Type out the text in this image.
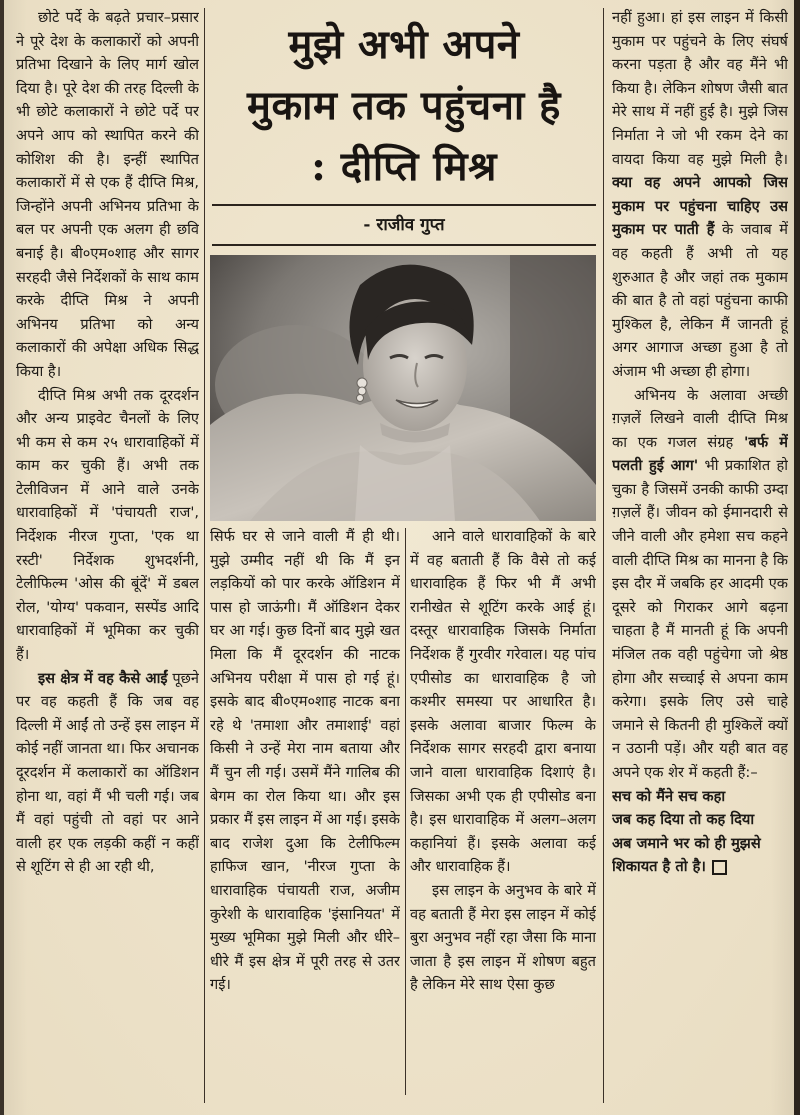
छोटे पर्दे के बढ़ते प्रचार–प्रसार ने पूरे देश के कलाकारों को अपनी प्रतिभा दिखाने के लिए मार्ग खोल दिया है। पूरे देश की तरह दिल्ली के भी छोटे कलाकारों ने छोटे पर्दे पर अपने आप को स्थापित करने की कोशिश की है। इन्हीं स्थापित कलाकारों में से एक हैं दीप्ति मिश्र, जिन्होंने अपनी अभिनय प्रतिभा के बल पर अपनी एक अलग ही छवि बनाई है। बी०एम०शाह और सागर सरहदी जैसे निर्देशकों के साथ काम करके दीप्ति मिश्र ने अपनी अभिनय प्रतिभा को अन्य कलाकारों की अपेक्षा अधिक सिद्ध किया है।

दीप्ति मिश्र अभी तक दूरदर्शन और अन्य प्राइवेट चैनलों के लिए भी कम से कम २५ धारावाहिकों में काम कर चुकी हैं। अभी तक टेलीविजन में आने वाले उनके धारावाहिकों में 'पंचायती राज', निर्देशक नीरज गुप्ता, 'एक था रस्टी' निर्देशक शुभदर्शनी, टेलीफिल्म 'ओस की बूंदें' में डबल रोल, 'योग्य' पकवान, सस्पेंड आदि धारावाहिकों में भूमिका कर चुकी हैं।

इस क्षेत्र में वह कैसे आईं पूछने पर वह कहती हैं कि जब वह दिल्ली में आईं तो उन्हें इस लाइन में कोई नहीं जानता था। फिर अचानक दूरदर्शन में कलाकारों का ऑडिशन होना था, वहां मैं भी चली गई। जब मैं वहां पहुंची तो वहां पर आने वाली हर एक लड़की कहीं न कहीं से शूटिंग से ही आ रही थी,

मुझे अभी अपने
मुकाम तक पहुंचना है
: दीप्ति मिश्र
- राजीव गुप्त

सिर्फ घर से जाने वाली मैं ही थी। मुझे उम्मीद नहीं थी कि मैं इन लड़कियों को पार करके ऑडिशन में पास हो जाऊंगी। मैं ऑडिशन देकर घर आ गई। कुछ दिनों बाद मुझे खत मिला कि मैं दूरदर्शन की नाटक अभिनय परीक्षा में पास हो गई हूं। इसके बाद बी०एम०शाह नाटक बना रहे थे 'तमाशा और तमाशाई' वहां किसी ने उन्हें मेरा नाम बताया और मैं चुन ली गई। उसमें मैंने गालिब की बेगम का रोल किया था। और इस प्रकार मैं इस लाइन में आ गई। इसके बाद राजेश दुआ कि टेलीफिल्म हाफिज खान, 'नीरज गुप्ता के धारावाहिक पंचायती राज, अजीम कुरेशी के धारावाहिक 'इंसानियत' में मुख्य भूमिका मुझे मिली और धीरे–धीरे मैं इस क्षेत्र में पूरी तरह से उतर गई।

आने वाले धारावाहिकों के बारे में वह बताती हैं कि वैसे तो कई धारावाहिक हैं फिर भी मैं अभी रानीखेत से शूटिंग करके आई हूं। दस्तूर धारावाहिक जिसके निर्माता निर्देशक हैं गुरवीर गरेवाल। यह पांच एपीसोड का धारावाहिक है जो कश्मीर समस्या पर आधारित है। इसके अलावा बाजार फिल्म के निर्देशक सागर सरहदी द्वारा बनाया जाने वाला धारावाहिक दिशाएं है। जिसका अभी एक ही एपीसोड बना है। इस धारावाहिक में अलग–अलग कहानियां हैं। इसके अलावा कई और धारावाहिक हैं।

इस लाइन के अनुभव के बारे में वह बताती हैं मेरा इस लाइन में कोई बुरा अनुभव नहीं रहा जैसा कि माना जाता है इस लाइन में शोषण बहुत है लेकिन मेरे साथ ऐसा कुछ

नहीं हुआ। हां इस लाइन में किसी मुकाम पर पहुंचने के लिए संघर्ष करना पड़ता है और वह मैंने भी किया है। लेकिन शोषण जैसी बात मेरे साथ में नहीं हुई है। मुझे जिस निर्माता ने जो भी रकम देने का वायदा किया वह मुझे मिली है। क्या वह अपने आपको जिस मुकाम पर पहुंचना चाहिए उस मुकाम पर पाती हैं के जवाब में वह कहती हैं अभी तो यह शुरुआत है और जहां तक मुकाम की बात है तो वहां पहुंचना काफी मुश्किल है, लेकिन मैं जानती हूं अगर आगाज अच्छा हुआ है तो अंजाम भी अच्छा ही होगा।

अभिनय के अलावा अच्छी ग़ज़लें लिखने वाली दीप्ति मिश्र का एक गजल संग्रह 'बर्फ में पलती हुई आग' भी प्रकाशित हो चुका है जिसमें उनकी काफी उम्दा ग़ज़लें हैं। जीवन को ईमानदारी से जीने वाली और हमेशा सच कहने वाली दीप्ति मिश्र का मानना है कि इस दौर में जबकि हर आदमी एक दूसरे को गिराकर आगे बढ़ना चाहता है मैं मानती हूं कि अपनी मंजिल तक वही पहुंचेगा जो श्रेष्ठ होगा और सच्चाई से अपना काम करेगा। इसके लिए उसे चाहे जमाने से कितनी ही मुश्किलें क्यों न उठानी पड़ें। और यही बात वह अपने एक शेर में कहती हैं:–

सच को मैंने सच कहा

जब कह दिया तो कह दिया

अब जमाने भर को ही मुझसे

शिकायत है तो है।
